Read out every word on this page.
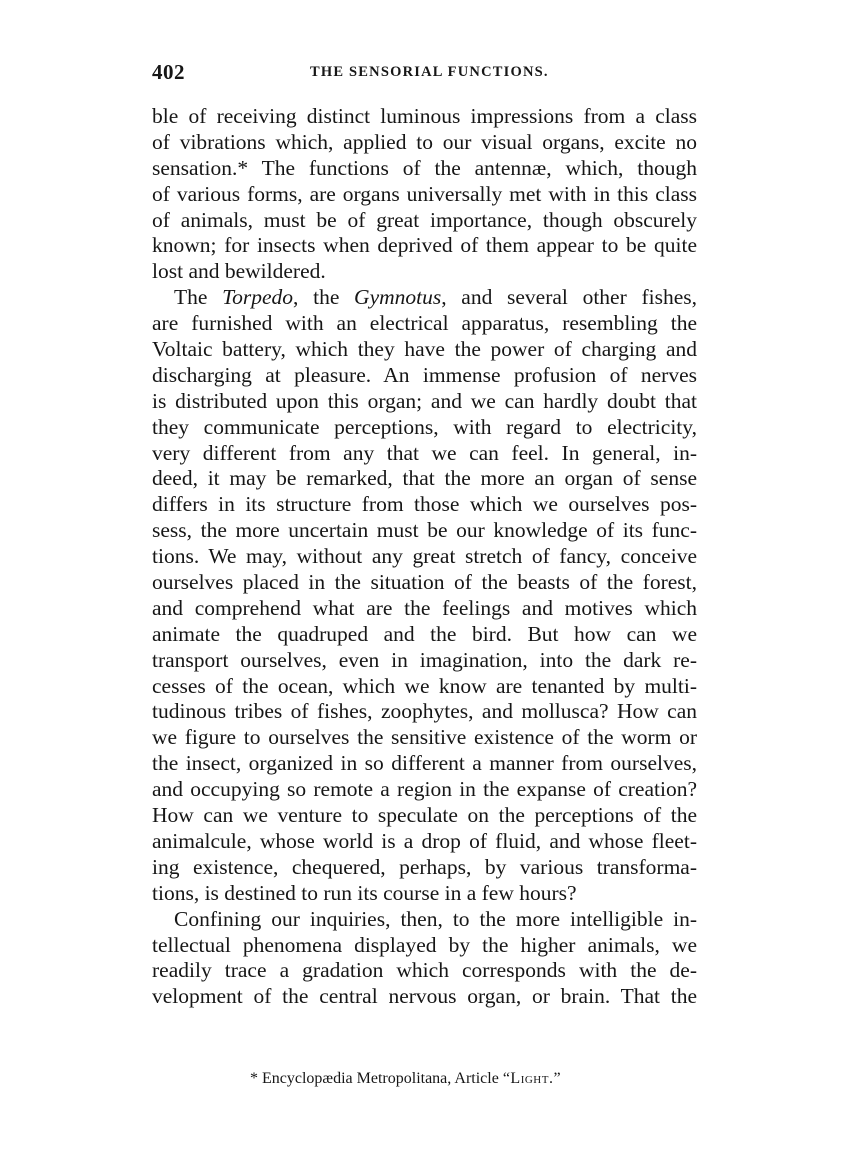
402	THE SENSORIAL FUNCTIONS.
ble of receiving distinct luminous impressions from a class
of vibrations which, applied to our visual organs, excite no
sensation.* The functions of the antennæ, which, though
of various forms, are organs universally met with in this class
of animals, must be of great importance, though obscurely
known; for insects when deprived of them appear to be quite
lost and bewildered.
The Torpedo, the Gymnotus, and several other fishes,
are furnished with an electrical apparatus, resembling the
Voltaic battery, which they have the power of charging and
discharging at pleasure. An immense profusion of nerves
is distributed upon this organ; and we can hardly doubt that
they communicate perceptions, with regard to electricity,
very different from any that we can feel. In general, in-
deed, it may be remarked, that the more an organ of sense
differs in its structure from those which we ourselves pos-
sess, the more uncertain must be our knowledge of its func-
tions. We may, without any great stretch of fancy, conceive
ourselves placed in the situation of the beasts of the forest,
and comprehend what are the feelings and motives which
animate the quadruped and the bird. But how can we
transport ourselves, even in imagination, into the dark re-
cesses of the ocean, which we know are tenanted by multi-
tudinous tribes of fishes, zoophytes, and mollusca? How can
we figure to ourselves the sensitive existence of the worm or
the insect, organized in so different a manner from ourselves,
and occupying so remote a region in the expanse of creation?
How can we venture to speculate on the perceptions of the
animalcule, whose world is a drop of fluid, and whose fleet-
ing existence, chequered, perhaps, by various transforma-
tions, is destined to run its course in a few hours?
Confining our inquiries, then, to the more intelligible in-
tellectual phenomena displayed by the higher animals, we
readily trace a gradation which corresponds with the de-
velopment of the central nervous organ, or brain. That the
* Encyclopædia Metropolitana, Article “Light.”
